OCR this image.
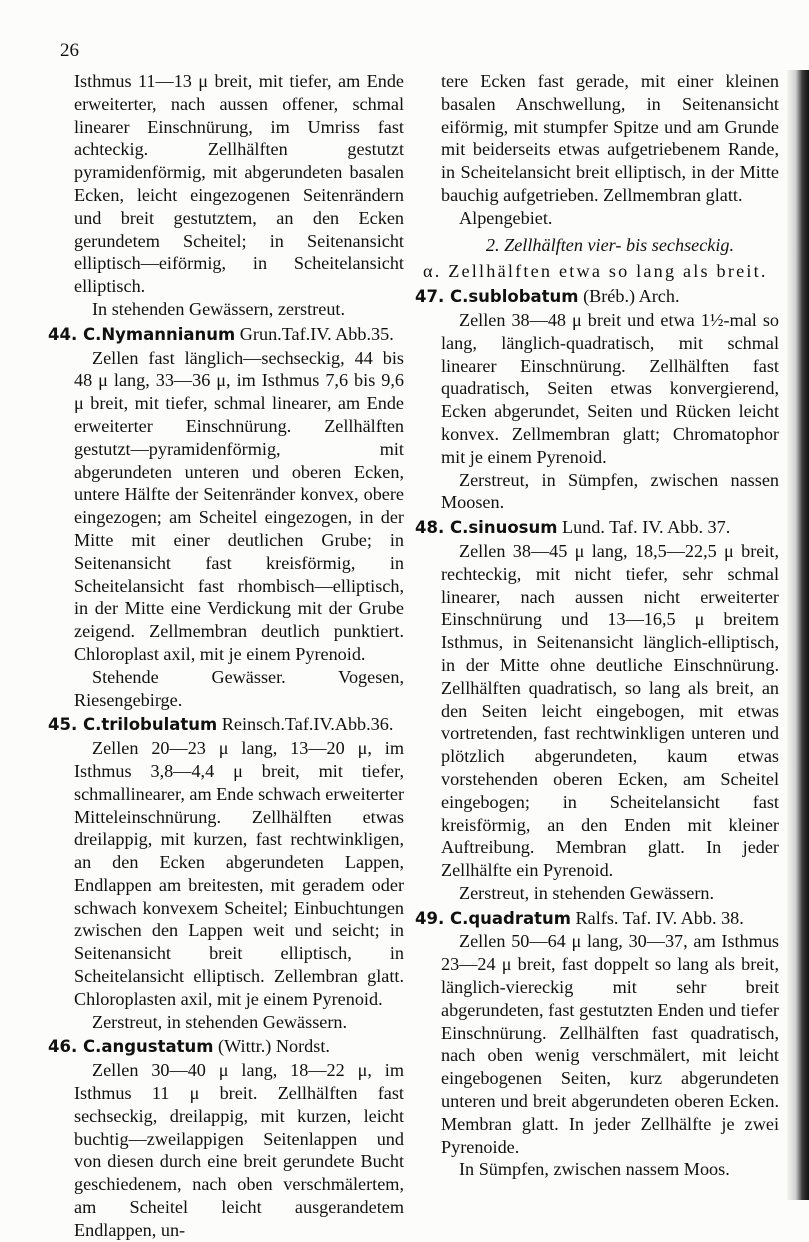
26

Isthmus 11—13 μ breit, mit tiefer, am Ende erweiterter, nach aussen offener, schmal linearer Einschnürung, im Umriss fast achteckig. Zellhälften gestutzt pyramidenförmig, mit abgerundeten basalen Ecken, leicht eingezogenen Seitenrändern und breit gestutztem, an den Ecken gerundetem Scheitel; in Seitenansicht elliptisch—eiförmig, in Scheitelansicht elliptisch.

In stehenden Gewässern, zerstreut.

44. C.Nymannianum Grun.Taf.IV. Abb.35.

Zellen fast länglich—sechseckig, 44 bis 48 μ lang, 33—36 μ, im Isthmus 7,6 bis 9,6 μ breit, mit tiefer, schmal linearer, am Ende erweiterter Einschnürung. Zellhälften gestutzt—pyramidenförmig, mit abgerundeten unteren und oberen Ecken, untere Hälfte der Seitenränder konvex, obere eingezogen; am Scheitel eingezogen, in der Mitte mit einer deutlichen Grube; in Seitenansicht fast kreisförmig, in Scheitelansicht fast rhombisch—elliptisch, in der Mitte eine Verdickung mit der Grube zeigend. Zellmembran deutlich punktiert. Chloroplast axil, mit je einem Pyrenoid.

Stehende Gewässer. Vogesen, Riesengebirge.

45. C.trilobulatum Reinsch.Taf.IV.Abb.36.

Zellen 20—23 μ lang, 13—20 μ, im Isthmus 3,8—4,4 μ breit, mit tiefer, schmallinearer, am Ende schwach erweiterter Mitteleinschnürung. Zellhälften etwas dreilappig, mit kurzen, fast rechtwinkligen, an den Ecken abgerundeten Lappen, Endlappen am breitesten, mit geradem oder schwach konvexem Scheitel; Einbuchtungen zwischen den Lappen weit und seicht; in Seitenansicht breit elliptisch, in Scheitelansicht elliptisch. Zellembran glatt. Chloroplasten axil, mit je einem Pyrenoid.

Zerstreut, in stehenden Gewässern.

46. C.angustatum (Wittr.) Nordst.

Zellen 30—40 μ lang, 18—22 μ, im Isthmus 11 μ breit. Zellhälften fast sechseckig, dreilappig, mit kurzen, leicht buchtig—zweilappigen Seitenlappen und von diesen durch eine breit gerundete Bucht geschiedenem, nach oben verschmälertem, am Scheitel leicht ausgerandetem Endlappen, un-

tere Ecken fast gerade, mit einer kleinen basalen Anschwellung, in Seitenansicht eiförmig, mit stumpfer Spitze und am Grunde mit beiderseits etwas aufgetriebenem Rande, in Scheitelansicht breit elliptisch, in der Mitte bauchig aufgetrieben. Zellmembran glatt.

Alpengebiet.

2. Zellhälften vier- bis sechseckig.

α. Zellhälften etwa so lang als breit.

47. C.sublobatum (Bréb.) Arch.

Zellen 38—48 μ breit und etwa 1½-mal so lang, länglich-quadratisch, mit schmal linearer Einschnürung. Zellhälften fast quadratisch, Seiten etwas konvergierend, Ecken abgerundet, Seiten und Rücken leicht konvex. Zellmembran glatt; Chromatophor mit je einem Pyrenoid.

Zerstreut, in Sümpfen, zwischen nassen Moosen.

48. C.sinuosum Lund. Taf. IV. Abb. 37.

Zellen 38—45 μ lang, 18,5—22,5 μ breit, rechteckig, mit nicht tiefer, sehr schmal linearer, nach aussen nicht erweiterter Einschnürung und 13—16,5 μ breitem Isthmus, in Seitenansicht länglich-elliptisch, in der Mitte ohne deutliche Einschnürung. Zellhälften quadratisch, so lang als breit, an den Seiten leicht eingebogen, mit etwas vortretenden, fast rechtwinkligen unteren und plötzlich abgerundeten, kaum etwas vorstehenden oberen Ecken, am Scheitel eingebogen; in Scheitelansicht fast kreisförmig, an den Enden mit kleiner Auftreibung. Membran glatt. In jeder Zellhälfte ein Pyrenoid.

Zerstreut, in stehenden Gewässern.

49. C.quadratum Ralfs. Taf. IV. Abb. 38.

Zellen 50—64 μ lang, 30—37, am Isthmus 23—24 μ breit, fast doppelt so lang als breit, länglich-viereckig mit sehr breit abgerundeten, fast gestutzten Enden und tiefer Einschnürung. Zellhälften fast quadratisch, nach oben wenig verschmälert, mit leicht eingebogenen Seiten, kurz abgerundeten unteren und breit abgerundeten oberen Ecken. Membran glatt. In jeder Zellhälfte je zwei Pyrenoide.

In Sümpfen, zwischen nassem Moos.
